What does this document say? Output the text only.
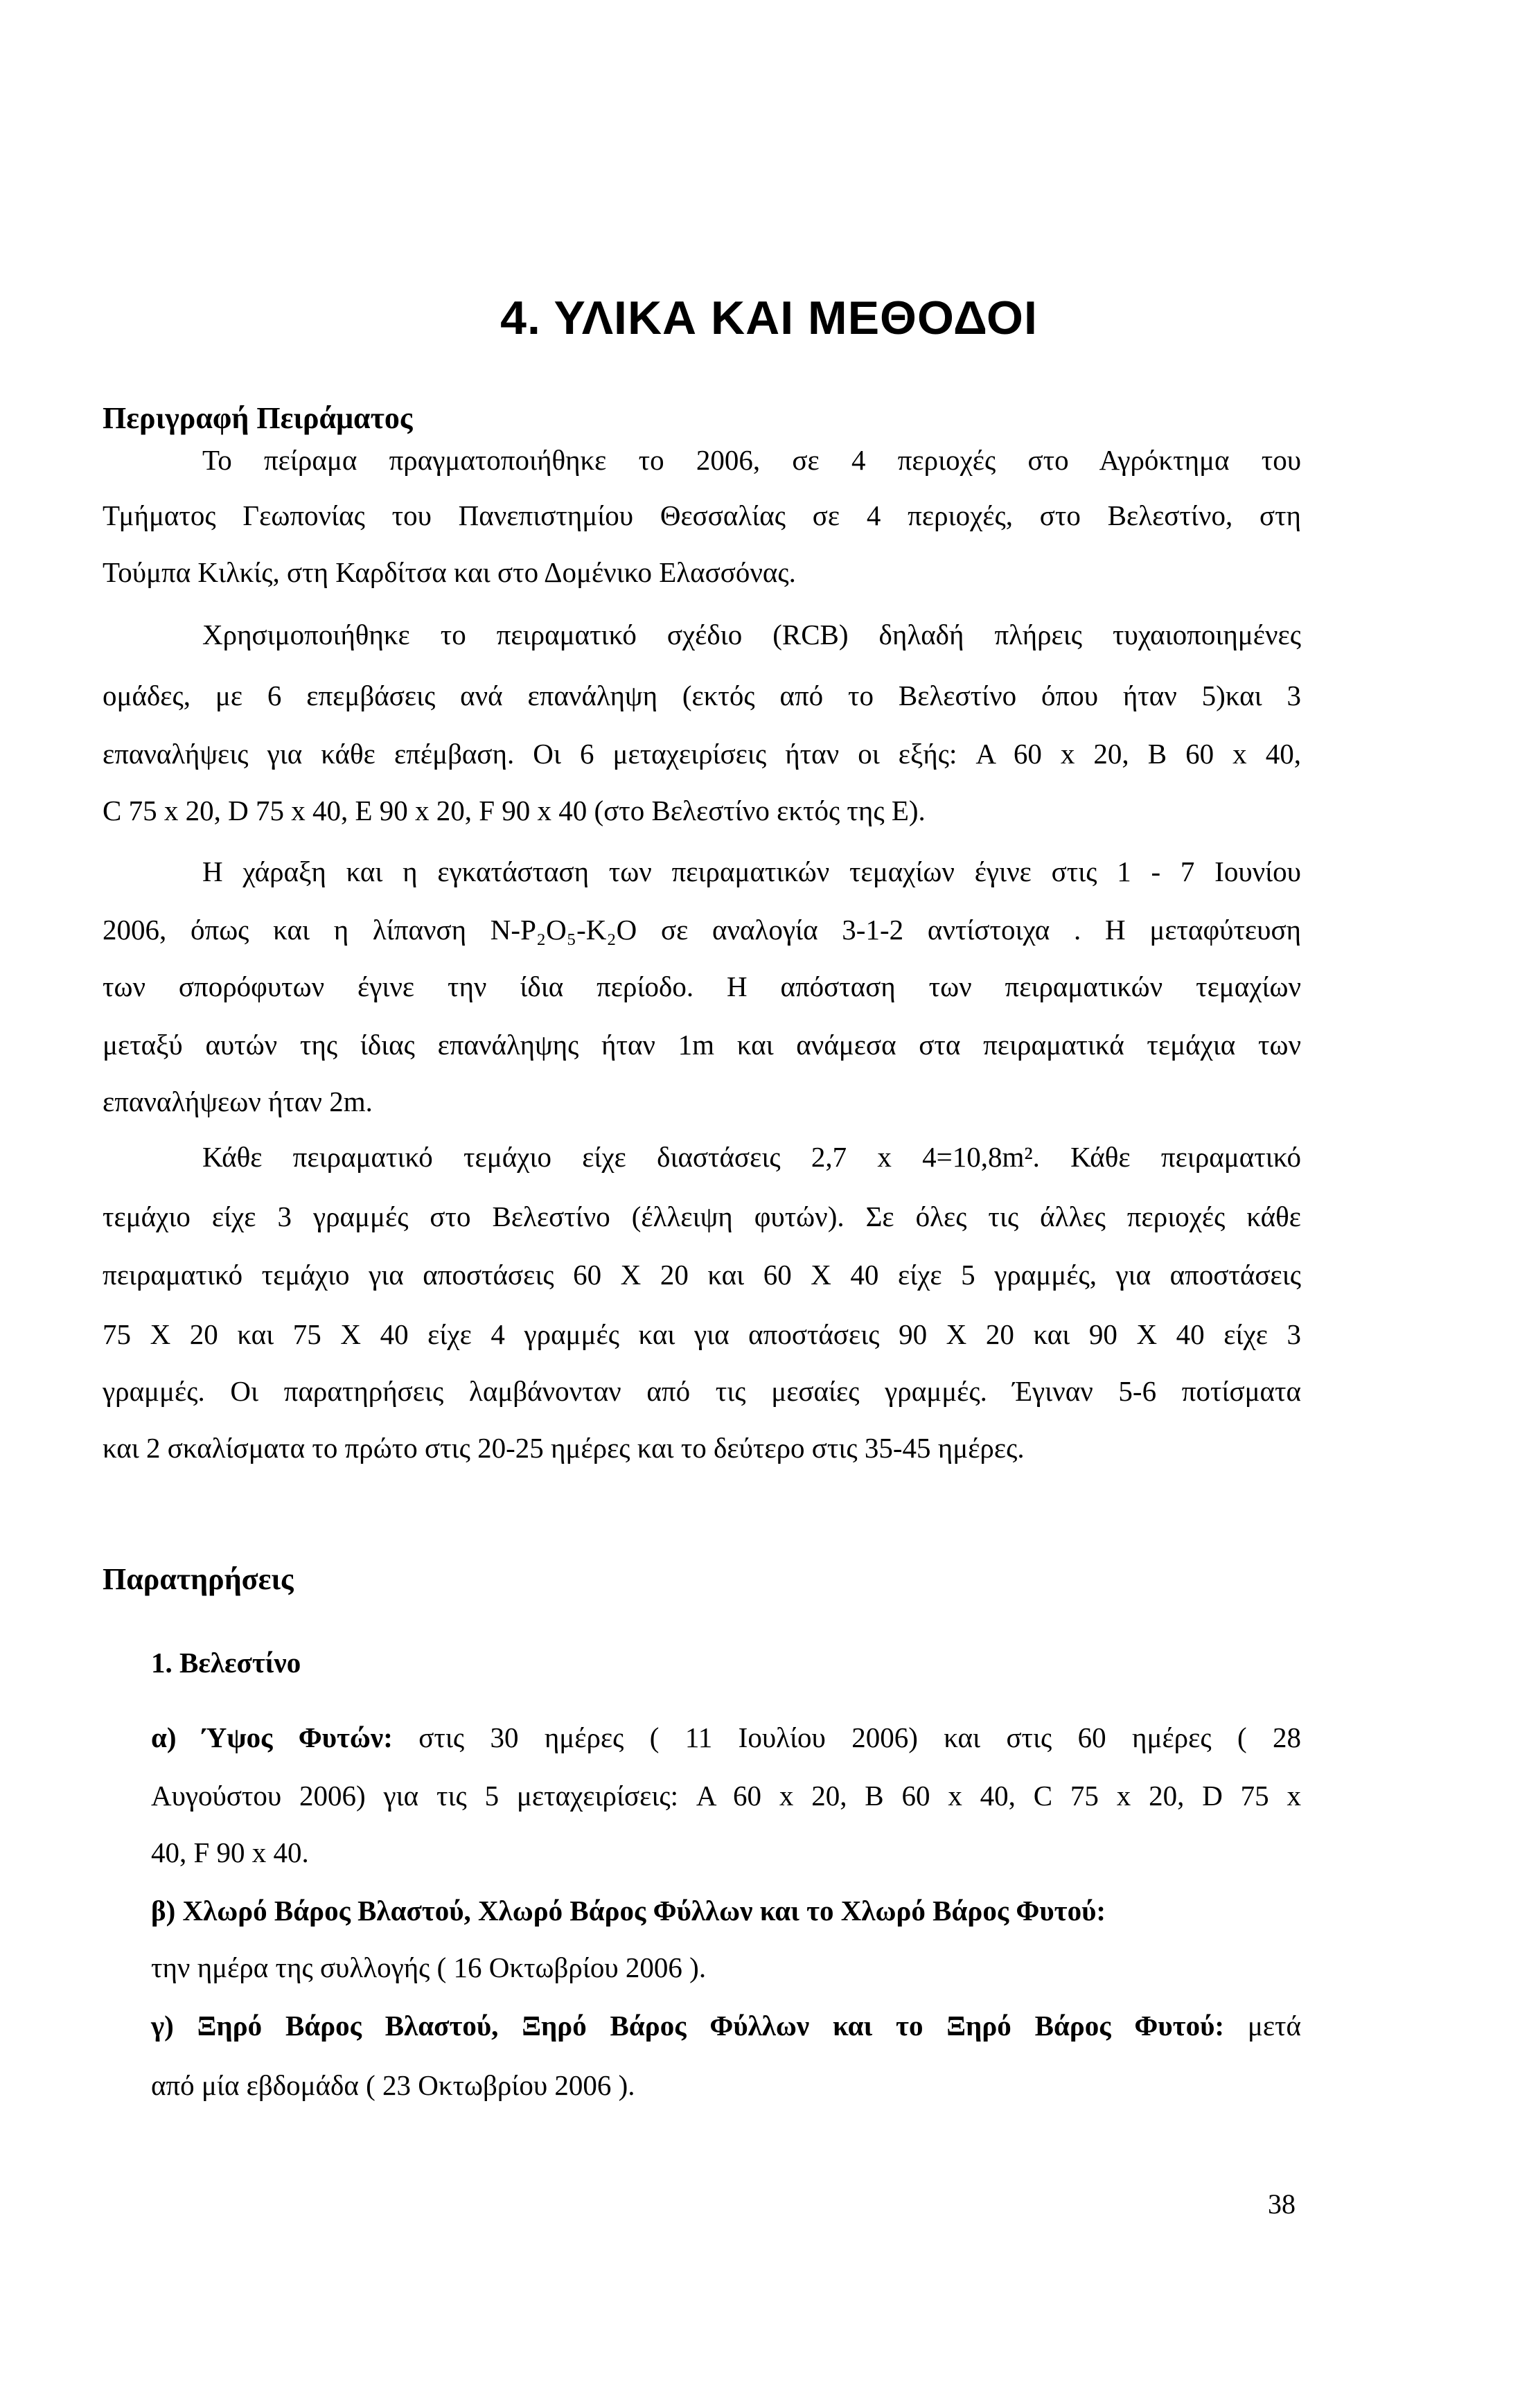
4. ΥΛΙΚΑ ΚΑΙ ΜΕΘΟΔΟΙ
Περιγραφή Πειράματος
Το πείραμα πραγματοποιήθηκε το 2006, σε 4 περιοχές στο Αγρόκτημα του
Τμήματος Γεωπονίας του Πανεπιστημίου Θεσσαλίας σε 4 περιοχές, στο Βελεστίνο, στη
Τούμπα Κιλκίς, στη Καρδίτσα και στο Δομένικο Ελασσόνας.
Χρησιμοποιήθηκε το πειραματικό σχέδιο (RCB) δηλαδή πλήρεις τυχαιοποιημένες
ομάδες, με 6 επεμβάσεις ανά επανάληψη (εκτός από το Βελεστίνο όπου ήταν 5)και 3
επαναλήψεις για κάθε επέμβαση. Οι 6 μεταχειρίσεις ήταν οι εξής: A 60 x 20, B 60 x 40,
C 75 x 20, D 75 x 40, E 90 x 20, F 90 x 40 (στο Βελεστίνο εκτός της E).
Η χάραξη και η εγκατάσταση των πειραματικών τεμαχίων έγινε στις 1 - 7 Ιουνίου
2006, όπως και η λίπανση N-P₂O₅-K₂O σε αναλογία 3-1-2 αντίστοιχα . Η μεταφύτευση
των σπορόφυτων έγινε την ίδια περίοδο. Η απόσταση των πειραματικών τεμαχίων
μεταξύ αυτών της ίδιας επανάληψης ήταν 1m και ανάμεσα στα πειραματικά τεμάχια των
επαναλήψεων ήταν 2m.
Κάθε πειραματικό τεμάχιο είχε διαστάσεις 2,7 x 4=10,8m². Κάθε πειραματικό
τεμάχιο είχε 3 γραμμές στο Βελεστίνο (έλλειψη φυτών). Σε όλες τις άλλες περιοχές κάθε
πειραματικό τεμάχιο για αποστάσεις 60 X 20 και 60 X 40 είχε 5 γραμμές, για αποστάσεις
75 X 20 και 75 X 40 είχε 4 γραμμές και για αποστάσεις 90 X 20 και 90 X 40 είχε 3
γραμμές. Οι παρατηρήσεις λαμβάνονταν από τις μεσαίες γραμμές. Έγιναν 5-6 ποτίσματα
και 2 σκαλίσματα το πρώτο στις 20-25 ημέρες και το δεύτερο στις 35-45 ημέρες.
Παρατηρήσεις
1. Βελεστίνο
α) Ύψος Φυτών: στις 30 ημέρες ( 11 Ιουλίου 2006) και στις 60 ημέρες ( 28
Αυγούστου 2006) για τις 5 μεταχειρίσεις: A 60 x 20, B 60 x 40, C 75 x 20, D 75 x
40, F 90 x 40.
β) Χλωρό Βάρος Βλαστού, Χλωρό Βάρος Φύλλων και το Χλωρό Βάρος Φυτού:
την ημέρα της συλλογής ( 16 Οκτωβρίου 2006 ).
γ) Ξηρό Βάρος Βλαστού, Ξηρό Βάρος Φύλλων και το Ξηρό Βάρος Φυτού: μετά
από μία εβδομάδα ( 23 Οκτωβρίου 2006 ).
38
